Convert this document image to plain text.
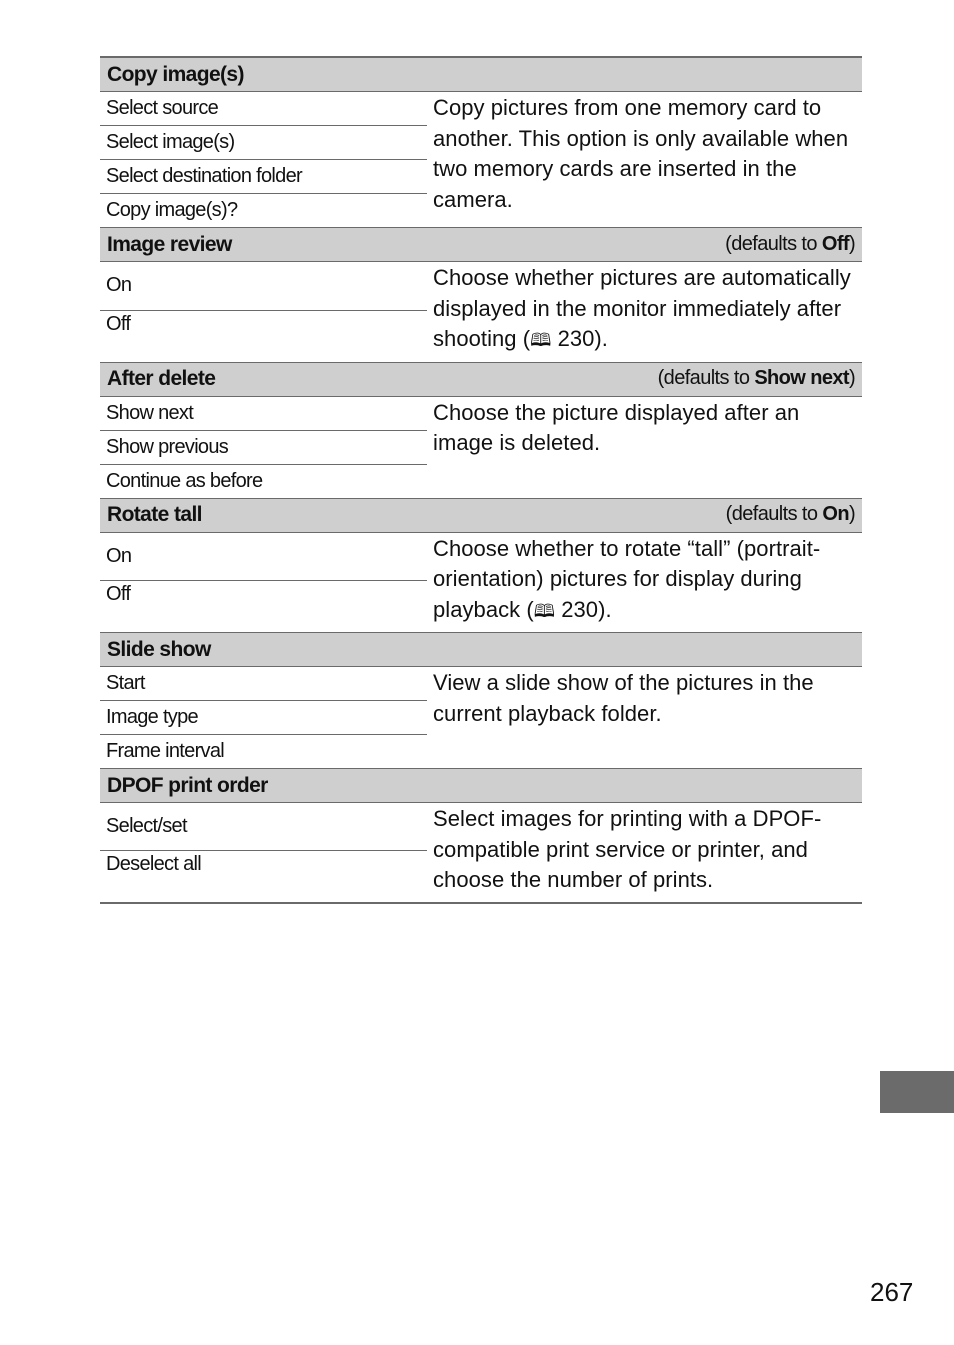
Copy image(s)	

Select source	Copy pictures from one memory card to another. This option is only available when two memory cards are inserted in the camera.
Select image(s)	
Select destination folder	
Copy image(s)?	

Image review (defaults to Off)	

On	Choose whether pictures are automatically displayed in the monitor immediately after shooting (🕮 230).
Off	

After delete (defaults to Show next)	

Show next	Choose the picture displayed after an image is deleted.
Show previous	
Continue as before	

Rotate tall (defaults to On)	

On	Choose whether to rotate “tall” (portrait-orientation) pictures for display during playback (🕮 230).
Off	

Slide show	

Start	View a slide show of the pictures in the current playback folder.
Image type	
Frame interval	

DPOF print order	

Select/set	Select images for printing with a DPOF-compatible print service or printer, and choose the number of prints.
Deselect all	
267
